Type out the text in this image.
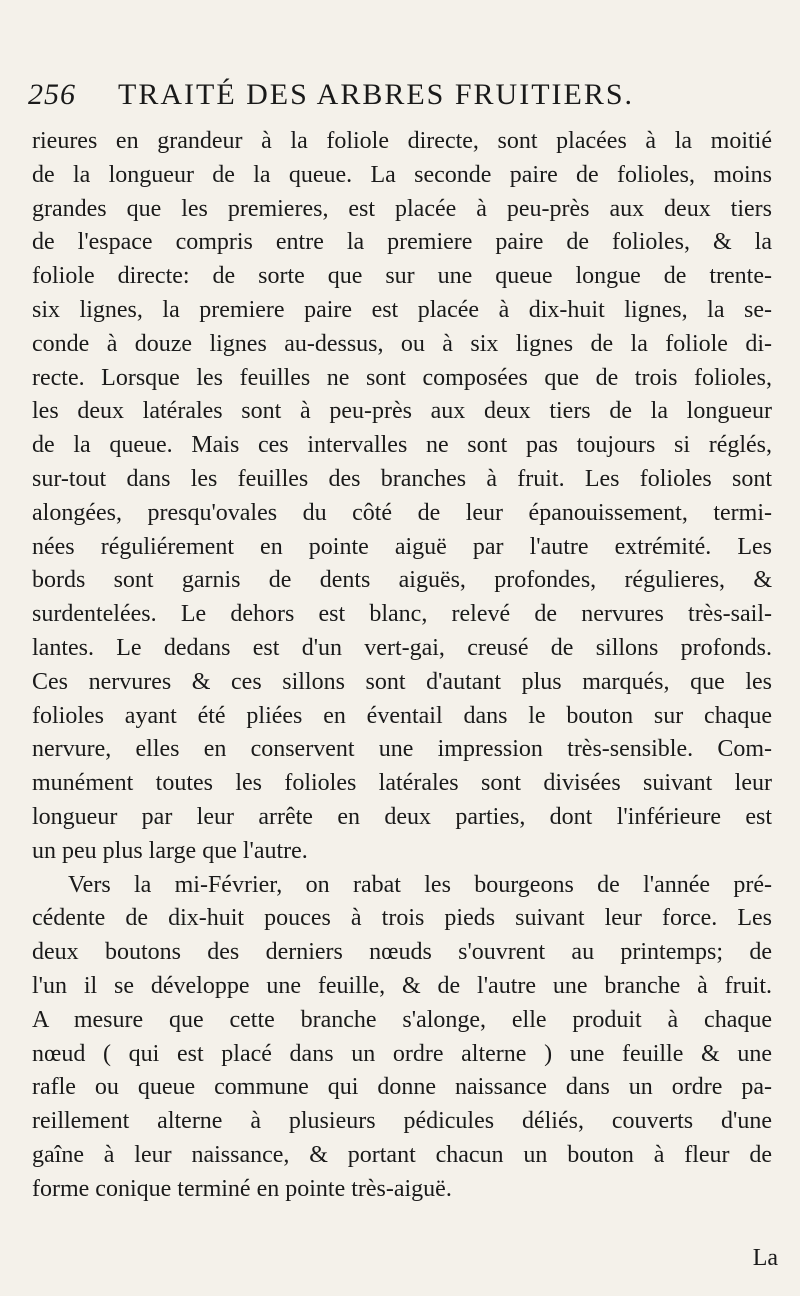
256	TRAITÉ DES ARBRES FRUITIERS.
rieures en grandeur à la foliole directe, sont placées à la moitié
de la longueur de la queue. La seconde paire de folioles, moins
grandes que les premieres, est placée à peu-près aux deux tiers
de l'espace compris entre la premiere paire de folioles, & la
foliole directe: de sorte que sur une queue longue de trente-
six lignes, la premiere paire est placée à dix-huit lignes, la se-
conde à douze lignes au-dessus, ou à six lignes de la foliole di-
recte. Lorsque les feuilles ne sont composées que de trois folioles,
les deux latérales sont à peu-près aux deux tiers de la longueur
de la queue. Mais ces intervalles ne sont pas toujours si réglés,
sur-tout dans les feuilles des branches à fruit. Les folioles sont
alongées, presqu'ovales du côté de leur épanouissement, termi-
nées réguliérement en pointe aiguë par l'autre extrémité. Les
bords sont garnis de dents aiguës, profondes, régulieres, &
surdentelées. Le dehors est blanc, relevé de nervures très-sail-
lantes. Le dedans est d'un vert-gai, creusé de sillons profonds.
Ces nervures & ces sillons sont d'autant plus marqués, que les
folioles ayant été pliées en éventail dans le bouton sur chaque
nervure, elles en conservent une impression très-sensible. Com-
munément toutes les folioles latérales sont divisées suivant leur
longueur par leur arrête en deux parties, dont l'inférieure est
un peu plus large que l'autre.
Vers la mi-Février, on rabat les bourgeons de l'année pré-
cédente de dix-huit pouces à trois pieds suivant leur force. Les
deux boutons des derniers nœuds s'ouvrent au printemps; de
l'un il se développe une feuille, & de l'autre une branche à fruit.
A mesure que cette branche s'alonge, elle produit à chaque
nœud ( qui est placé dans un ordre alterne ) une feuille & une
rafle ou queue commune qui donne naissance dans un ordre pa-
reillement alterne à plusieurs pédicules déliés, couverts d'une
gaîne à leur naissance, & portant chacun un bouton à fleur de
forme conique terminé en pointe très-aiguë.
La
